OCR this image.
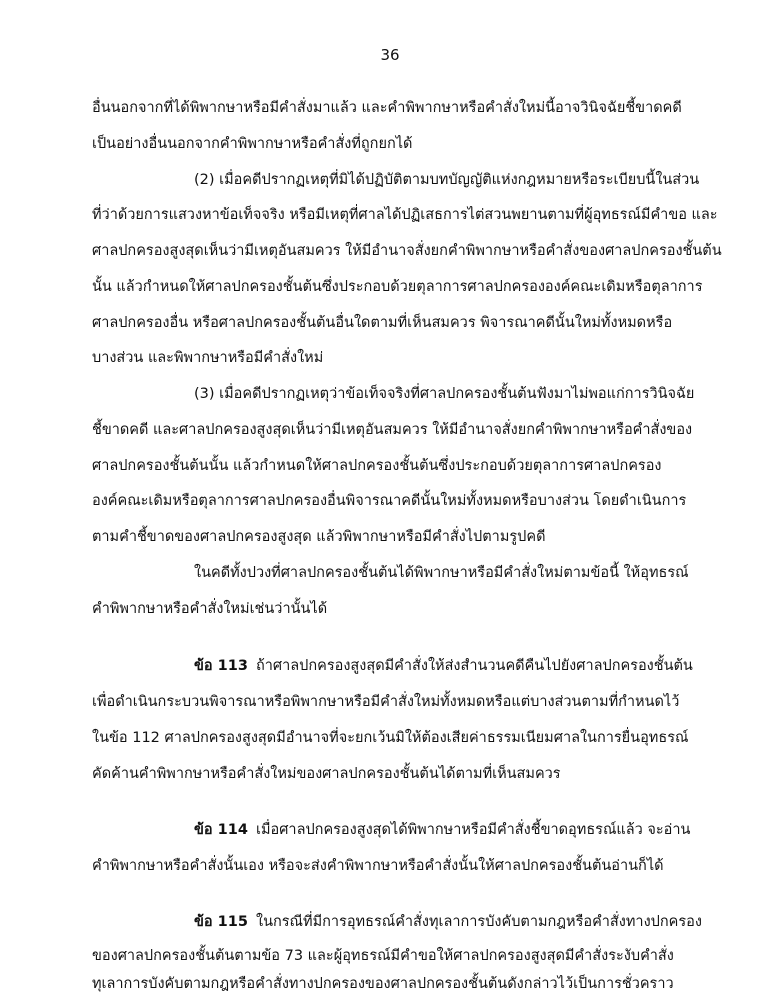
36
อื่นนอกจากที่ได้พิพากษาหรือมีคำสั่งมาแล้ว และคำพิพากษาหรือคำสั่งใหม่นี้อาจวินิจฉัยชี้ขาดคดี
เป็นอย่างอื่นนอกจากคำพิพากษาหรือคำสั่งที่ถูกยกได้
(2) เมื่อคดีปรากฏเหตุที่มิได้ปฏิบัติตามบทบัญญัติแห่งกฎหมายหรือระเบียบนี้ในส่วน
ที่ว่าด้วยการแสวงหาข้อเท็จจริง หรือมีเหตุที่ศาลได้ปฏิเสธการไต่สวนพยานตามที่ผู้อุทธรณ์มีคำขอ และ
ศาลปกครองสูงสุดเห็นว่ามีเหตุอันสมควร ให้มีอำนาจสั่งยกคำพิพากษาหรือคำสั่งของศาลปกครองชั้นต้น
นั้น แล้วกำหนดให้ศาลปกครองชั้นต้นซึ่งประกอบด้วยตุลาการศาลปกครององค์คณะเดิมหรือตุลาการ
ศาลปกครองอื่น หรือศาลปกครองชั้นต้นอื่นใดตามที่เห็นสมควร พิจารณาคดีนั้นใหม่ทั้งหมดหรือ
บางส่วน และพิพากษาหรือมีคำสั่งใหม่
(3) เมื่อคดีปรากฏเหตุว่าข้อเท็จจริงที่ศาลปกครองชั้นต้นฟังมาไม่พอแก่การวินิจฉัย
ชี้ขาดคดี และศาลปกครองสูงสุดเห็นว่ามีเหตุอันสมควร ให้มีอำนาจสั่งยกคำพิพากษาหรือคำสั่งของ
ศาลปกครองชั้นต้นนั้น แล้วกำหนดให้ศาลปกครองชั้นต้นซึ่งประกอบด้วยตุลาการศาลปกครอง
องค์คณะเดิมหรือตุลาการศาลปกครองอื่นพิจารณาคดีนั้นใหม่ทั้งหมดหรือบางส่วน โดยดำเนินการ
ตามคำชี้ขาดของศาลปกครองสูงสุด แล้วพิพากษาหรือมีคำสั่งไปตามรูปคดี
ในคดีทั้งปวงที่ศาลปกครองชั้นต้นได้พิพากษาหรือมีคำสั่งใหม่ตามข้อนี้ ให้อุทธรณ์
คำพิพากษาหรือคำสั่งใหม่เช่นว่านั้นได้
ข้อ 113 ถ้าศาลปกครองสูงสุดมีคำสั่งให้ส่งสำนวนคดีคืนไปยังศาลปกครองชั้นต้น
เพื่อดำเนินกระบวนพิจารณาหรือพิพากษาหรือมีคำสั่งใหม่ทั้งหมดหรือแต่บางส่วนตามที่กำหนดไว้
ในข้อ 112 ศาลปกครองสูงสุดมีอำนาจที่จะยกเว้นมิให้ต้องเสียค่าธรรมเนียมศาลในการยื่นอุทธรณ์
คัดค้านคำพิพากษาหรือคำสั่งใหม่ของศาลปกครองชั้นต้นได้ตามที่เห็นสมควร
ข้อ 114 เมื่อศาลปกครองสูงสุดได้พิพากษาหรือมีคำสั่งชี้ขาดอุทธรณ์แล้ว จะอ่าน
คำพิพากษาหรือคำสั่งนั้นเอง หรือจะส่งคำพิพากษาหรือคำสั่งนั้นให้ศาลปกครองชั้นต้นอ่านก็ได้
ข้อ 115 ในกรณีที่มีการอุทธรณ์คำสั่งทุเลาการบังคับตามกฎหรือคำสั่งทางปกครอง
ของศาลปกครองชั้นต้นตามข้อ 73 และผู้อุทธรณ์มีคำขอให้ศาลปกครองสูงสุดมีคำสั่งระงับคำสั่ง
ทุเลาการบังคับตามกฎหรือคำสั่งทางปกครองของศาลปกครองชั้นต้นดังกล่าวไว้เป็นการชั่วคราว
